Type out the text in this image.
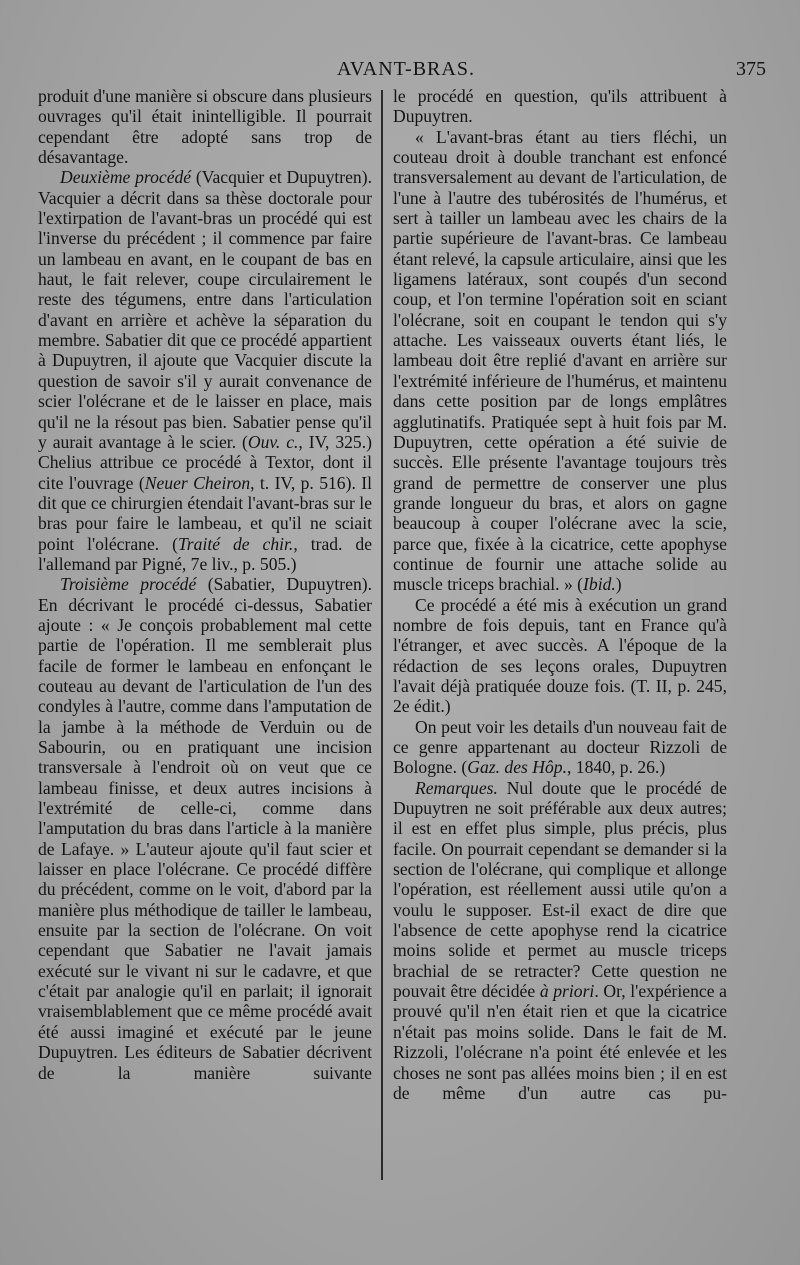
AVANT-BRAS.	375

produit d'une manière si obscure dans plusieurs ouvrages qu'il était inintelligible. Il pourrait cependant être adopté sans trop de désavantage.

Deuxième procédé (Vacquier et Dupuytren). Vacquier a décrit dans sa thèse doctorale pour l'extirpation de l'avant-bras un procédé qui est l'inverse du précédent ; il commence par faire un lambeau en avant, en le coupant de bas en haut, le fait relever, coupe circulairement le reste des tégumens, entre dans l'articulation d'avant en arrière et achève la séparation du membre. Sabatier dit que ce procédé appartient à Dupuytren, il ajoute que Vacquier discute la question de savoir s'il y aurait convenance de scier l'olécrane et de le laisser en place, mais qu'il ne la résout pas bien. Sabatier pense qu'il y aurait avantage à le scier. (Ouv. c., IV, 325.) Chelius attribue ce procédé à Textor, dont il cite l'ouvrage (Neuer Cheiron, t. IV, p. 516). Il dit que ce chirurgien étendait l'avant-bras sur le bras pour faire le lambeau, et qu'il ne sciait point l'olécrane. (Traité de chir., trad. de l'allemand par Pigné, 7e liv., p. 505.)

Troisième procédé (Sabatier, Dupuytren). En décrivant le procédé ci-dessus, Sabatier ajoute : « Je conçois probablement mal cette partie de l'opération. Il me semblerait plus facile de former le lambeau en enfonçant le couteau au devant de l'articulation de l'un des condyles à l'autre, comme dans l'amputation de la jambe à la méthode de Verduin ou de Sabourin, ou en pratiquant une incision transversale à l'endroit où on veut que ce lambeau finisse, et deux autres incisions à l'extrémité de celle-ci, comme dans l'amputation du bras dans l'article à la manière de Lafaye. » L'auteur ajoute qu'il faut scier et laisser en place l'olécrane. Ce procédé diffère du précédent, comme on le voit, d'abord par la manière plus méthodique de tailler le lambeau, ensuite par la section de l'olécrane. On voit cependant que Sabatier ne l'avait jamais exécuté sur le vivant ni sur le cadavre, et que c'était par analogie qu'il en parlait; il ignorait vraisemblablement que ce même procédé avait été aussi imaginé et exécuté par le jeune Dupuytren. Les éditeurs de Sabatier décrivent de la manière suivante

le procédé en question, qu'ils attribuent à Dupuytren.

« L'avant-bras étant au tiers fléchi, un couteau droit à double tranchant est enfoncé transversalement au devant de l'articulation, de l'une à l'autre des tubérosités de l'humérus, et sert à tailler un lambeau avec les chairs de la partie supérieure de l'avant-bras. Ce lambeau étant relevé, la capsule articulaire, ainsi que les ligamens latéraux, sont coupés d'un second coup, et l'on termine l'opération soit en sciant l'olécrane, soit en coupant le tendon qui s'y attache. Les vaisseaux ouverts étant liés, le lambeau doit être replié d'avant en arrière sur l'extrémité inférieure de l'humérus, et maintenu dans cette position par de longs emplâtres agglutinatifs. Pratiquée sept à huit fois par M. Dupuytren, cette opération a été suivie de succès. Elle présente l'avantage toujours très grand de permettre de conserver une plus grande longueur du bras, et alors on gagne beaucoup à couper l'olécrane avec la scie, parce que, fixée à la cicatrice, cette apophyse continue de fournir une attache solide au muscle triceps brachial. » (Ibid.)

Ce procédé a été mis à exécution un grand nombre de fois depuis, tant en France qu'à l'étranger, et avec succès. A l'époque de la rédaction de ses leçons orales, Dupuytren l'avait déjà pratiquée douze fois. (T. II, p. 245, 2e édit.)

On peut voir les details d'un nouveau fait de ce genre appartenant au docteur Rizzoli de Bologne. (Gaz. des Hôp., 1840, p. 26.)

Remarques. Nul doute que le procédé de Dupuytren ne soit préférable aux deux autres; il est en effet plus simple, plus précis, plus facile. On pourrait cependant se demander si la section de l'olécrane, qui complique et allonge l'opération, est réellement aussi utile qu'on a voulu le supposer. Est-il exact de dire que l'absence de cette apophyse rend la cicatrice moins solide et permet au muscle triceps brachial de se retracter? Cette question ne pouvait être décidée à priori. Or, l'expérience a prouvé qu'il n'en était rien et que la cicatrice n'était pas moins solide. Dans le fait de M. Rizzoli, l'olécrane n'a point été enlevée et les choses ne sont pas allées moins bien ; il en est de même d'un autre cas pu-
